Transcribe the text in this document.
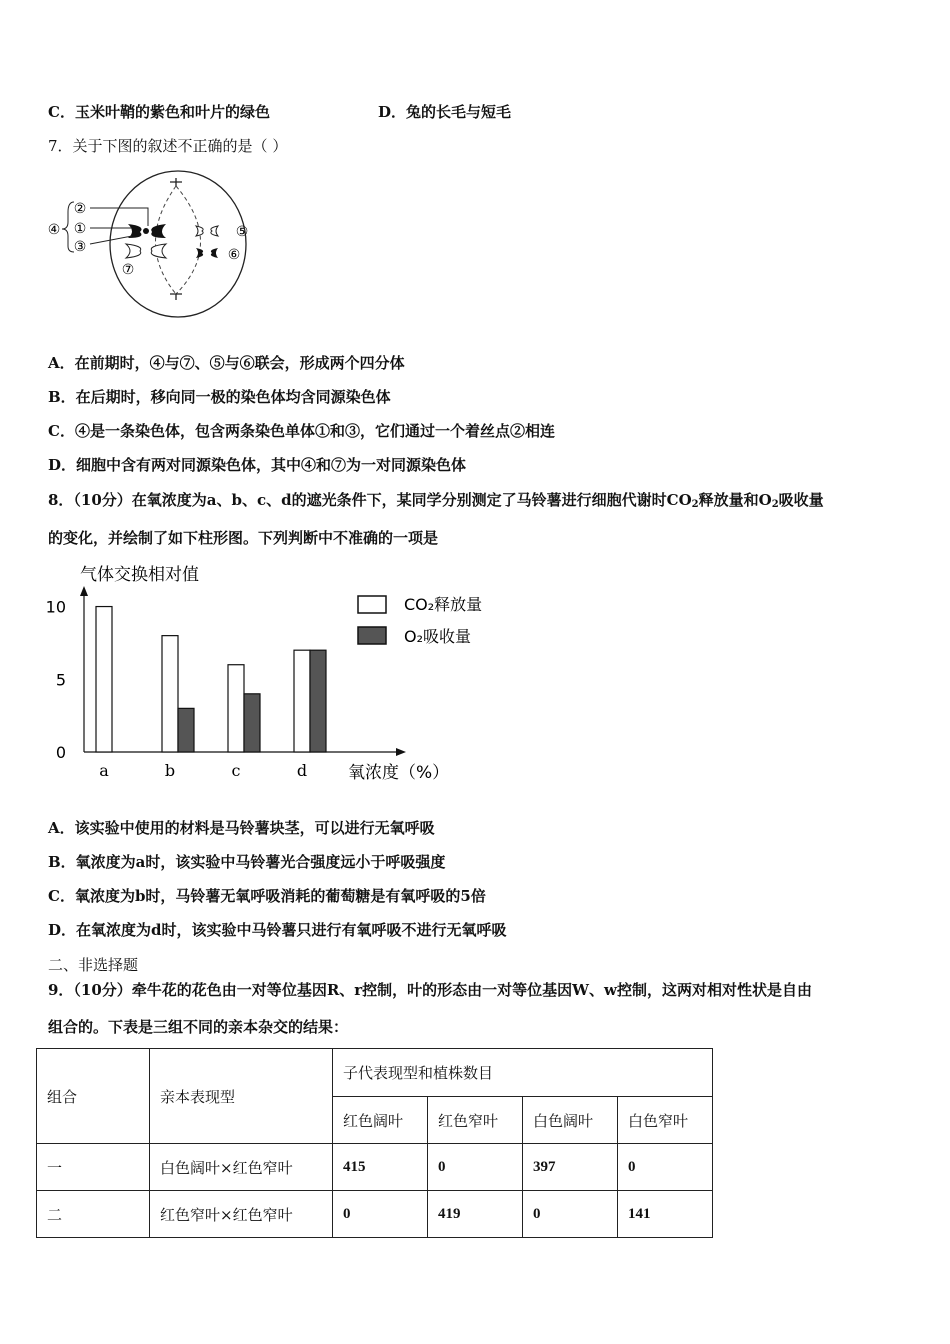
C．玉米叶鞘的紫色和叶片的绿色	D．兔的长毛与短毛
7．关于下图的叙述不正确的是（ ）
②
①
③
④	⑤
⑥
⑦
A．在前期时，④与⑦、⑤与⑥联会，形成两个四分体
B．在后期时，移向同一极的染色体均含同源染色体
C．④是一条染色体，包含两条染色单体①和③，它们通过一个着丝点②相连
D．细胞中含有两对同源染色体，其中④和⑦为一对同源染色体
8．（10分）在氧浓度为a、b、c、d的遮光条件下，某同学分别测定了马铃薯进行细胞代谢时$CO_2$释放量和$O_2$吸收量
的变化，并绘制了如下柱形图。下列判断中不准确的一项是
气体交换相对值
氧浓度（%）
CO₂释放量
O₂吸收量
0
5
10
a	b	c	d
A．该实验中使用的材料是马铃薯块茎，可以进行无氧呼吸
B．氧浓度为a时，该实验中马铃薯光合强度远小于呼吸强度
C．氧浓度为b时，马铃薯无氧呼吸消耗的葡萄糖是有氧呼吸的5倍
D．在氧浓度为d时，该实验中马铃薯只进行有氧呼吸不进行无氧呼吸
二、非选择题
9．（10分）牵牛花的花色由一对等位基因R、r控制，叶的形态由一对等位基因W、w控制，这两对相对性状是自由
组合的。下表是三组不同的亲本杂交的结果：
组合	亲本表现型	子代表现型和植株数目			
		红色阔叶	红色窄叶	白色阔叶	白色窄叶
一	白色阔叶×红色窄叶	415	0	397	0
二	红色窄叶×红色窄叶	0	419	0	141
